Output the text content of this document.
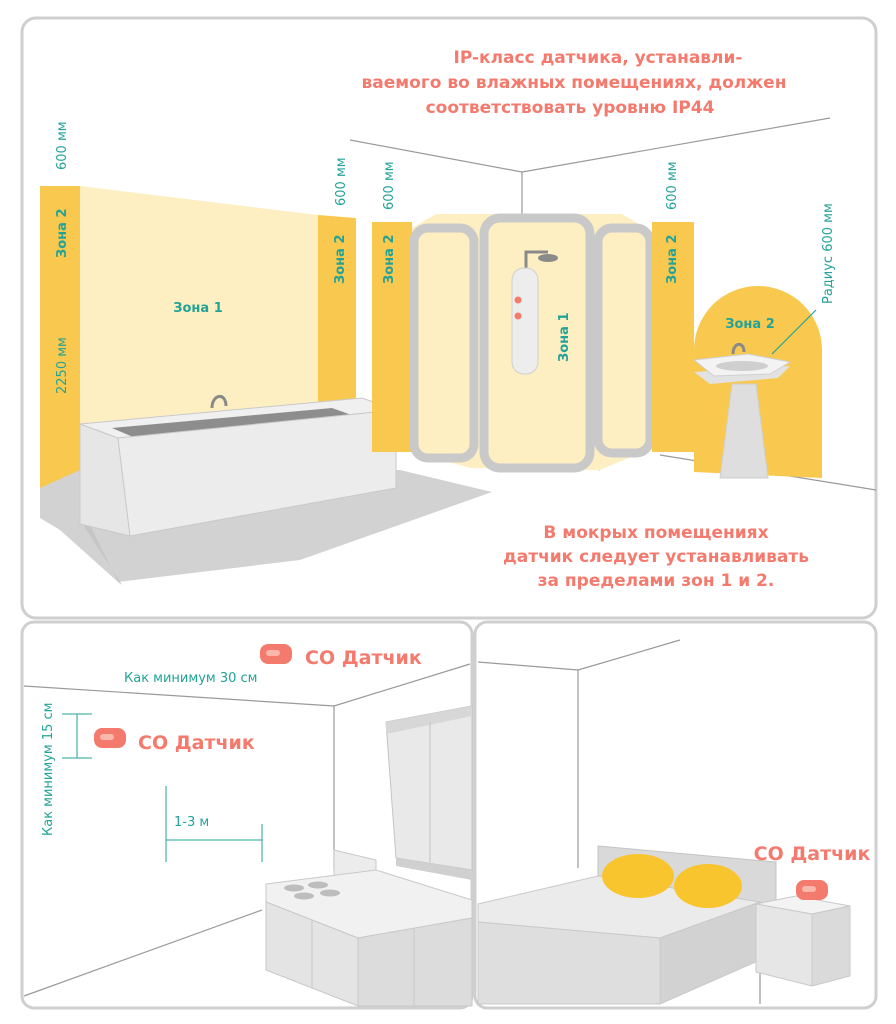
IP-класс датчика, устанавли-
ваемого во влажных помещениях, должен
соответствовать уровню IP44
В мокрых помещениях
датчик следует устанавливать
за пределами зон 1 и 2.
600 мм
600 мм	600 мм	600 мм
2250 мм
Зона 2
Зона 1
Зона 2	Зона 2
Зона 1
Зона 2
Зона 2
Радиус 600 мм
CO Датчик
Как минимум 30 см
CO Датчик
Как минимум 15 см	1-3 м
CO Датчик
